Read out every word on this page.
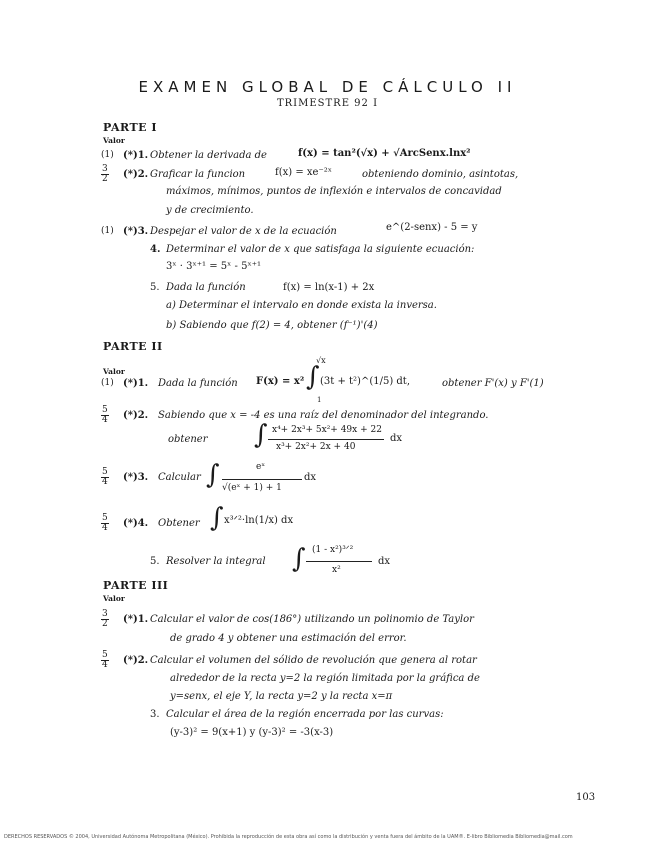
EXAMEN GLOBAL DE CÁLCULO II
TRIMESTRE 92 I
PARTE I
Valor
(1) (*)1. Obtener la derivada de	f(x) = tan²(√x) + √ArcSenx.lnx²
$\frac{3}{2} (*)2$. Graficar la funcion	f(x) = xe⁻²ˣ	obteniendo dominio, asintotas,
máximos, mínimos, puntos de inflexión e intervalos de concavidad
y de crecimiento.
(1) (*)3. Despejar el valor de x de la ecuación	e^(2-senx) - 5 = y
4. Determinar el valor de x que satisfaga la siguiente ecuación:
3ˣ · 3ˣ⁺¹ = 5ˣ - 5ˣ⁺¹
5. Dada la función	f(x) = ln(x-1) + 2x
a) Determinar el intervalo en donde exista la inversa.
b) Sabiendo que f(2) = 4, obtener (f⁻¹)'(4)
PARTE II
Valor
(1) (*)1. Dada la función F(x) = x² ∫
√x
1
(3t + t²)^(1/5) dt,	obtener F'(x) y F'(1)
$\frac{5}{4} (*)2$. Sabiendo que x = -4 es una raíz del denominador del integrando.
obtener ∫ x⁴+ 2x³+ 5x²+ 49x + 22
x³+ 2x²+ 2x + 40
dx
$\frac{5}{4} (*)3$. Calcular ∫	eˣ
√(eˣ + 1) + 1
dx
$\frac{5}{4} (*)4$. Obtener ∫ x³ᐟ²·ln(1/x) dx
5. Resolver la integral ∫ (1 - x²)³ᐟ²
x²
dx
PARTE III
Valor
$\frac{3}{2} (*)1$. Calcular el valor de cos(186°) utilizando un polinomio de Taylor
de grado 4 y obtener una estimación del error.
$\frac{5}{4} (*)2$. Calcular el volumen del sólido de revolución que genera al rotar
alrededor de la recta y=2 la región limitada por la gráfica de
y=senx, el eje Y, la recta y=2 y la recta x=π
3. Calcular el área de la región encerrada por las curvas:
(y-3)² = 9(x+1) y (y-3)² = -3(x-3)
103
DERECHOS RESERVADOS © 2004, Universidad Autónoma Metropolitana (México). Prohibida la reproducción de esta obra así como la distribución y venta fuera del ámbito de la UAM®. E-libro Bibliomedia Bibliomedia@mail.com
